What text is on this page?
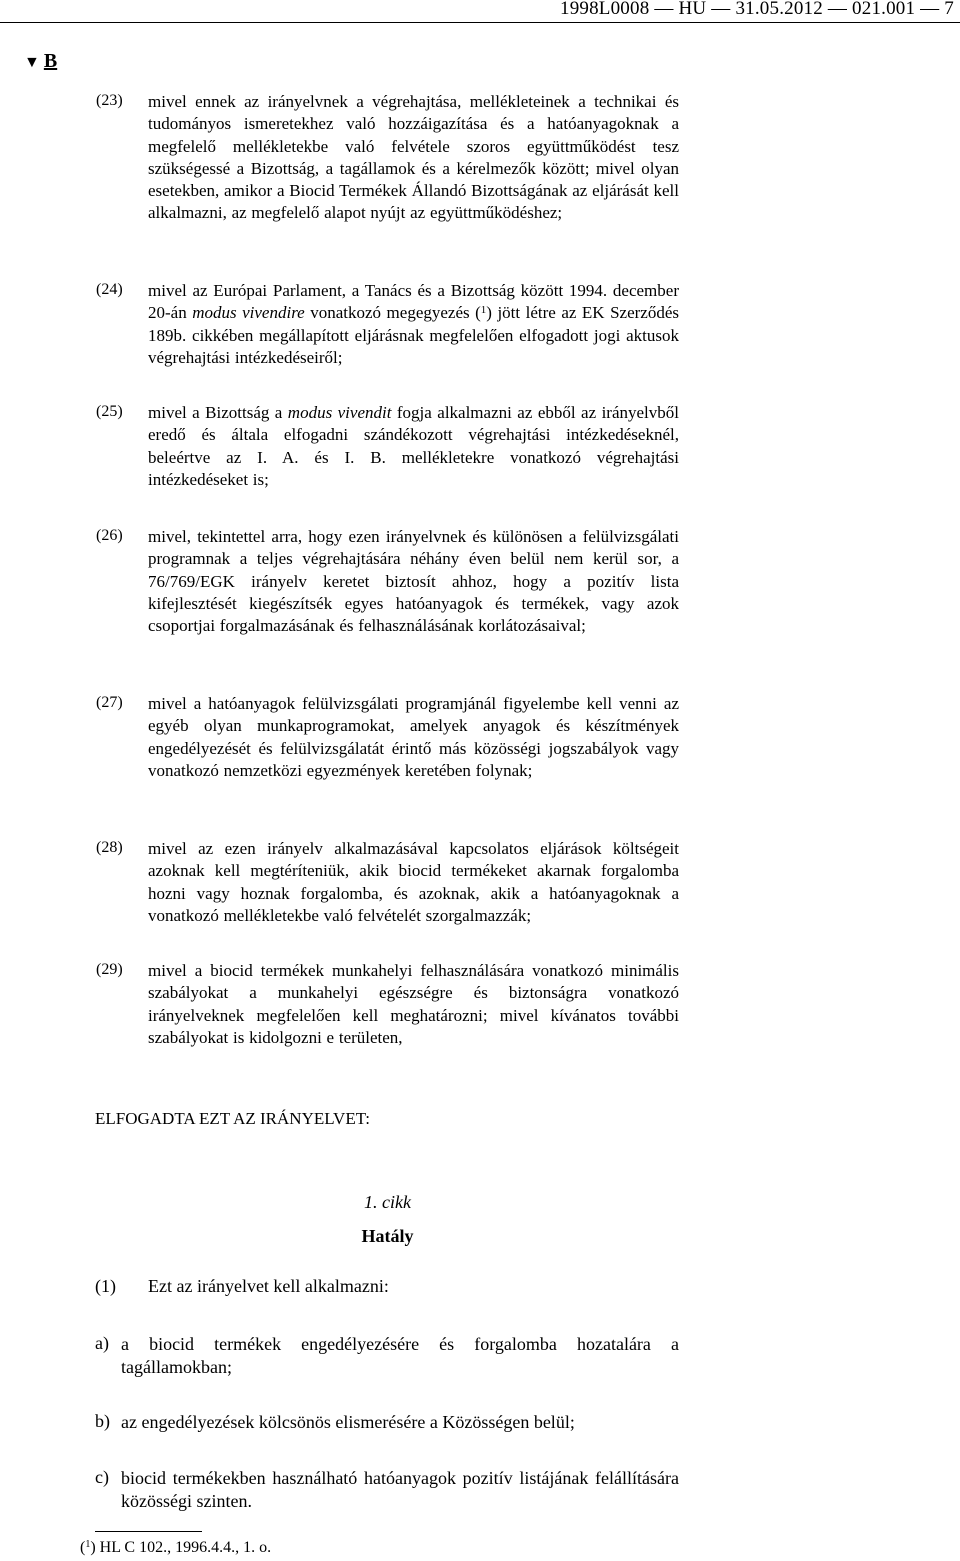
1998L0008 — HU — 31.05.2012 — 021.001 — 7
▼ B
(23) mivel ennek az irányelvnek a végrehajtása, mellékleteinek a technikai és tudományos ismeretekhez való hozzáigazítása és a hatóanyagoknak a megfelelő mellékletekbe való felvétele szoros együttműködést tesz szükségessé a Bizottság, a tagállamok és a kérelmezők között; mivel olyan esetekben, amikor a Biocid Termékek Állandó Bizottságának az eljárását kell alkalmazni, az megfelelő alapot nyújt az együttműködéshez;
(24) mivel az Európai Parlament, a Tanács és a Bizottság között 1994. december 20-án modus vivendire vonatkozó megegyezés ($^1$) jött létre az EK Szerződés 189b. cikkében megállapított eljárásnak megfelelően elfogadott jogi aktusok végrehajtási intézkedéseiről;
(25) mivel a Bizottság a modus vivendit fogja alkalmazni az ebből az irányelvből eredő és általa elfogadni szándékozott végrehajtási intézkedéseknél, beleértve az I. A. és I. B. mellékletekre vonatkozó végrehajtási intézkedéseket is;
(26) mivel, tekintettel arra, hogy ezen irányelvnek és különösen a felülvizsgálati programnak a teljes végrehajtására néhány éven belül nem kerül sor, a 76/769/EGK irányelv keretet biztosít ahhoz, hogy a pozitív lista kifejlesztését kiegészítsék egyes hatóanyagok és termékek, vagy azok csoportjai forgalmazásának és felhasználásának korlátozásaival;
(27) mivel a hatóanyagok felülvizsgálati programjánál figyelembe kell venni az egyéb olyan munkaprogramokat, amelyek anyagok és készítmények engedélyezését és felülvizsgálatát érintő más közösségi jogszabályok vagy vonatkozó nemzetközi egyezmények keretében folynak;
(28) mivel az ezen irányelv alkalmazásával kapcsolatos eljárások költségeit azoknak kell megtéríteniük, akik biocid termékeket akarnak forgalomba hozni vagy hoznak forgalomba, és azoknak, akik a hatóanyagoknak a vonatkozó mellékletekbe való felvételét szorgalmazzák;
(29) mivel a biocid termékek munkahelyi felhasználására vonatkozó minimális szabályokat a munkahelyi egészségre és biztonságra vonatkozó irányelveknek megfelelően kell meghatározni; mivel kívánatos további szabályokat is kidolgozni e területen,
ELFOGADTA EZT AZ IRÁNYELVET:
1. cikk
Hatály
(1) Ezt az irányelvet kell alkalmazni:
a) a biocid termékek engedélyezésére és forgalomba hozatalára a tagállamokban;
b) az engedélyezések kölcsönös elismerésére a Közösségen belül;
c) biocid termékekben használható hatóanyagok pozitív listájának felállítására közösségi szinten.
($^1$) HL C 102., 1996.4.4., 1. o.
